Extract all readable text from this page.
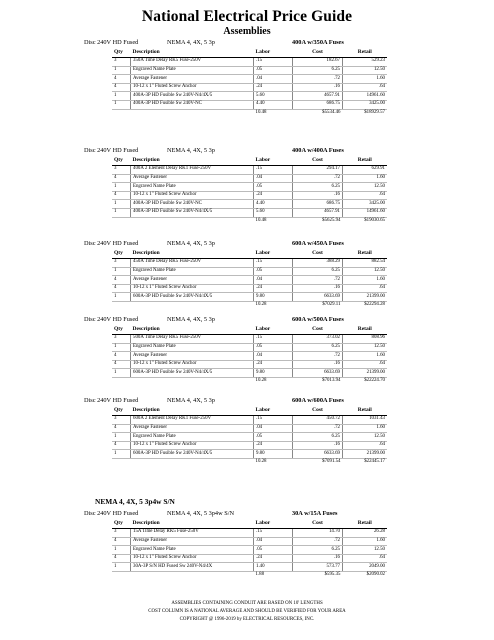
National Electrical Price Guide
Assemblies
Disc 240V HD Fused	NEMA 4, 4X, 5 3p	400A w/350A Fuses
Qty	Description	Labor	Cost	Retail
3	350A Time Delay RK5 Fuse-250V	.15	182.67	529.23
1	Engraved Name Plate	.05	6.25	12.50
4	Average Fastener	.04	.72	1.60
4	10-12 x 1" Fluted Screw Anchor	.24	.16	.64
1	400A-3P HD Fusible Sw 240V-N4/4X/5	5.60	4657.91	14961.60
1	400A-3P HD Fusible Sw 240V-NC	4.40	686.75	3425.00
		10.48	$5534.46	$18929.57
Disc 240V HD Fused	NEMA 4, 4X, 5 3p	400A w/400A Fuses
Qty	Description	Labor	Cost	Retail
3	400A 2 Element Delay RK1 Fuse-250V	.15	294.17	629.91
4	Average Fastener	.04	.72	1.60
1	Engraved Name Plate	.05	6.25	12.50
4	10-12 x 1" Fluted Screw Anchor	.24	.16	.64
1	400A-3P HD Fusible Sw 240V-NC	4.40	686.75	3425.00
1	400A-3P HD Fusible Sw 240V-N4/4X/5	5.60	4657.91	14961.60
		10.48	$5625.94	$19030.65
Disc 240V HD Fused	NEMA 4, 4X, 5 3p	600A w/450A Fuses
Qty	Description	Labor	Cost	Retail
3	450A Time Delay RK5 Fuse-250V	.15	388.29	882.54
1	Engraved Name Plate	.05	6.25	12.50
4	Average Fastener	.04	.72	1.60
4	10-12 x 1" Fluted Screw Anchor	.24	.16	.64
1	600A-3P HD Fusible Sw 240V-N4/4X/5	9.80	6633.69	21399.00
		10.28	$7029.11	$22294.28
Disc 240V HD Fused	NEMA 4, 4X, 5 3p	600A w/500A Fuses
Qty	Description	Labor	Cost	Retail
3	500A Time Delay RK5 Fuse-250V	.15	373.02	808.96
1	Engraved Name Plate	.05	6.25	12.50
4	Average Fastener	.04	.72	1.60
4	10-12 x 1" Fluted Screw Anchor	.24	.16	.64
1	600A-3P HD Fusible Sw 240V-N4/4X/5	9.80	6633.69	21399.00
		10.28	$7013.94	$22224.70
Disc 240V HD Fused	NEMA 4, 4X, 5 3p	600A w/600A Fuses
Qty	Description	Labor	Cost	Retail
3	600A 2 Element Delay RK1 Fuse-250V	.15	450.72	1031.43
4	Average Fastener	.04	.72	1.60
1	Engraved Name Plate	.05	6.25	12.50
4	10-12 x 1" Fluted Screw Anchor	.24	.16	.64
1	600A-3P HD Fusible Sw 240V-N4/4X/5	9.80	6633.69	21399.00
		10.28	$7091.54	$22445.17
NEMA 4, 4X, 5 3p4w S/N
Disc 240V HD Fused	NEMA 4, 4X, 5 3p4w S/N	30A w/15A Fuses
Qty	Description	Labor	Cost	Retail
3	15A Time Delay RK5 Fuse-250V	.15	14.70	26.28
4	Average Fastener	.04	.72	1.60
1	Engraved Name Plate	.05	6.25	12.50
4	10-12 x 1" Fluted Screw Anchor	.24	.16	.64
1	30A-3P S/N HD Fused Sw 240V-N4/4X	1.40	573.77	2049.00
		1.88	$595.35	$2090.02
ASSEMBLIES CONTAINING CONDUIT ARE BASED ON 10' LENGTHS
COST COLUMN IS A NATIONAL AVERAGE AND SHOULD BE VERIFIED FOR YOUR AREA
COPYRIGHT @ 1996-2019 by ELECTRICAL RESOURCES, INC.
